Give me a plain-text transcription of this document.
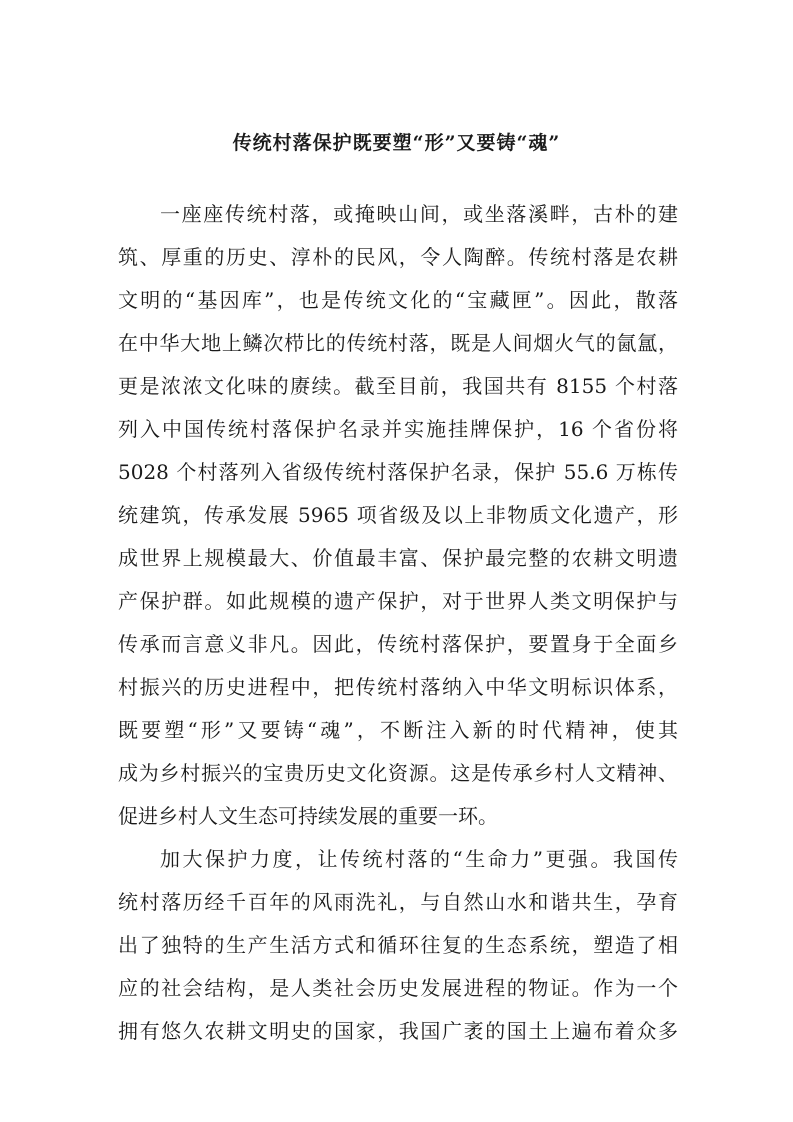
传统村落保护既要塑“形”又要铸“魂”
一座座传统村落，或掩映山间，或坐落溪畔，古朴的建
筑、厚重的历史、淳朴的民风，令人陶醉。传统村落是农耕
文明的“基因库”，也是传统文化的“宝藏匣”。因此，散落
在中华大地上鳞次栉比的传统村落，既是人间烟火气的氤氲，
更是浓浓文化味的赓续。截至目前，我国共有 8155 个村落
列入中国传统村落保护名录并实施挂牌保护，16 个省份将
5028 个村落列入省级传统村落保护名录，保护 55.6 万栋传
统建筑，传承发展 5965 项省级及以上非物质文化遗产，形
成世界上规模最大、价值最丰富、保护最完整的农耕文明遗
产保护群。如此规模的遗产保护，对于世界人类文明保护与
传承而言意义非凡。因此，传统村落保护，要置身于全面乡
村振兴的历史进程中，把传统村落纳入中华文明标识体系，
既要塑“形”又要铸“魂”，不断注入新的时代精神，使其
成为乡村振兴的宝贵历史文化资源。这是传承乡村人文精神、
促进乡村人文生态可持续发展的重要一环。
加大保护力度，让传统村落的“生命力”更强。我国传
统村落历经千百年的风雨洗礼，与自然山水和谐共生，孕育
出了独特的生产生活方式和循环往复的生态系统，塑造了相
应的社会结构，是人类社会历史发展进程的物证。作为一个
拥有悠久农耕文明史的国家，我国广袤的国土上遍布着众多
